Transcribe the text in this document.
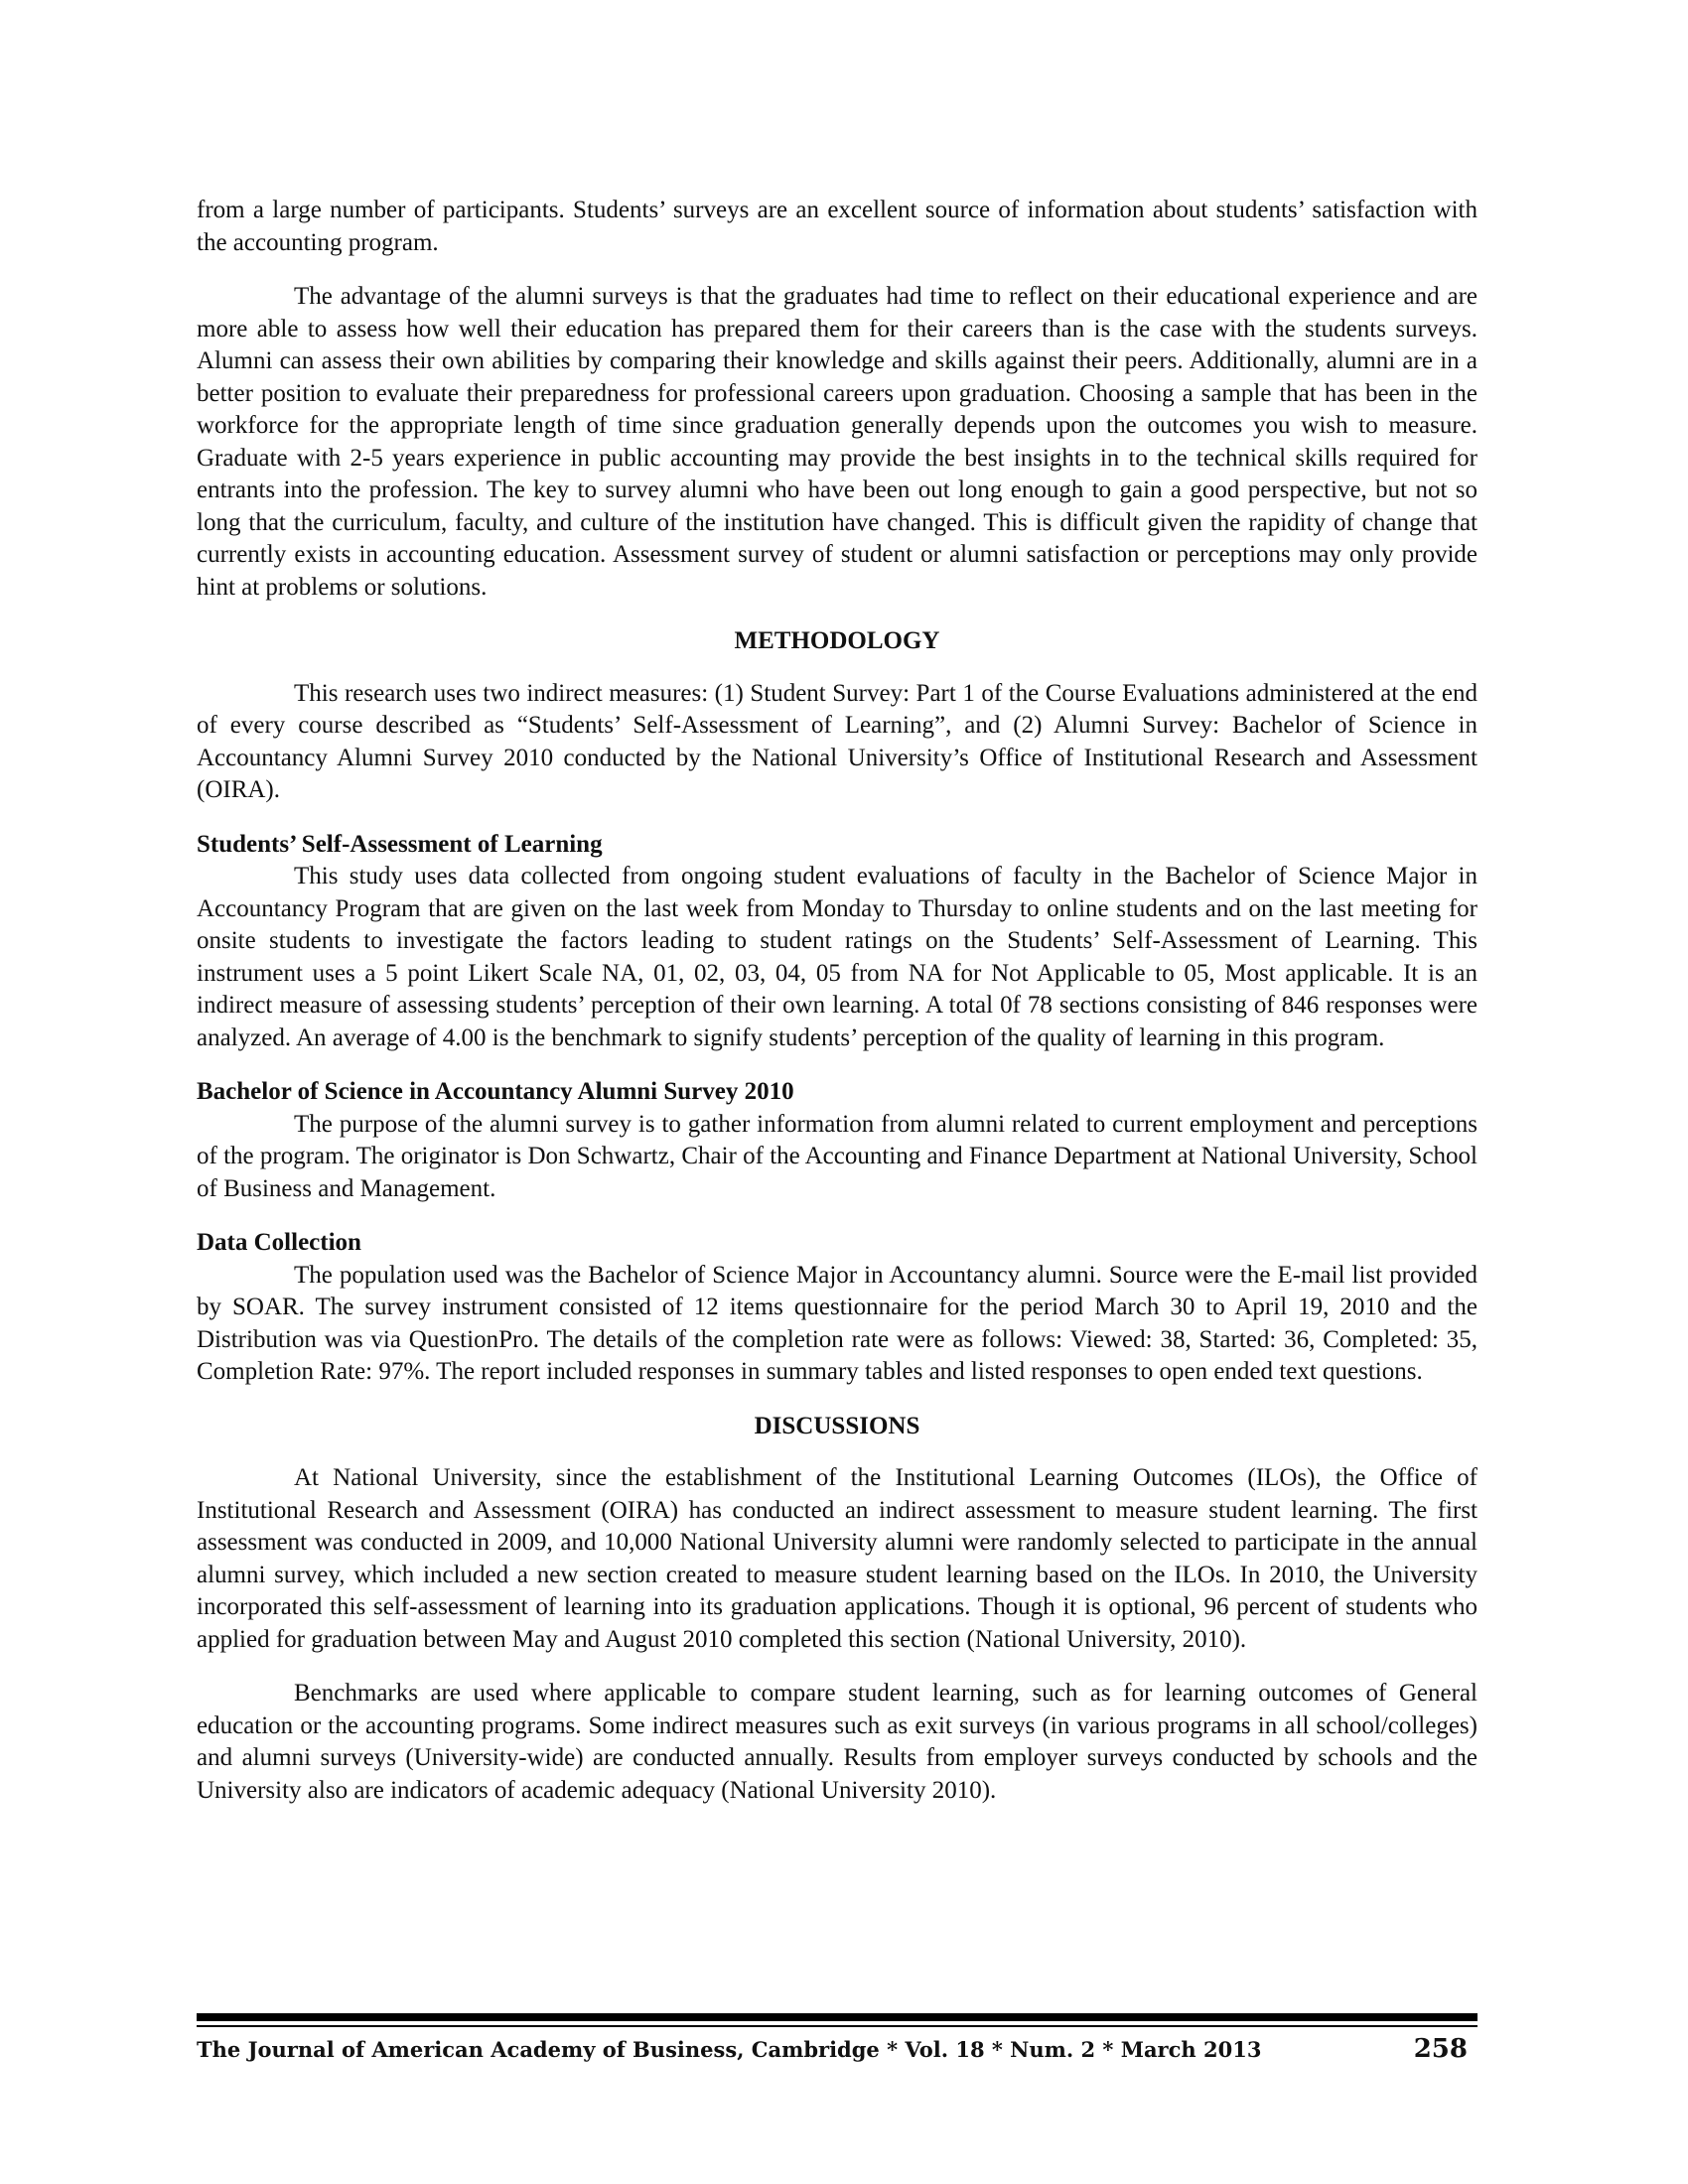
from a large number of participants. Students’ surveys are an excellent source of information about students’ satisfaction with the accounting program.

The advantage of the alumni surveys is that the graduates had time to reflect on their educational experience and are more able to assess how well their education has prepared them for their careers than is the case with the students surveys. Alumni can assess their own abilities by comparing their knowledge and skills against their peers. Additionally, alumni are in a better position to evaluate their preparedness for professional careers upon graduation. Choosing a sample that has been in the workforce for the appropriate length of time since graduation generally depends upon the outcomes you wish to measure. Graduate with 2-5 years experience in public accounting may provide the best insights in to the technical skills required for entrants into the profession. The key to survey alumni who have been out long enough to gain a good perspective, but not so long that the curriculum, faculty, and culture of the institution have changed. This is difficult given the rapidity of change that currently exists in accounting education. Assessment survey of student or alumni satisfaction or perceptions may only provide hint at problems or solutions.

METHODOLOGY

This research uses two indirect measures: (1) Student Survey: Part 1 of the Course Evaluations administered at the end of every course described as “Students’ Self-Assessment of Learning”, and (2) Alumni Survey: Bachelor of Science in Accountancy Alumni Survey 2010 conducted by the National University’s Office of Institutional Research and Assessment (OIRA).

Students’ Self-Assessment of Learning

This study uses data collected from ongoing student evaluations of faculty in the Bachelor of Science Major in Accountancy Program that are given on the last week from Monday to Thursday to online students and on the last meeting for onsite students to investigate the factors leading to student ratings on the Students’ Self-Assessment of Learning. This instrument uses a 5 point Likert Scale NA, 01, 02, 03, 04, 05 from NA for Not Applicable to 05, Most applicable. It is an indirect measure of assessing students’ perception of their own learning. A total 0f 78 sections consisting of 846 responses were analyzed. An average of 4.00 is the benchmark to signify students’ perception of the quality of learning in this program.

Bachelor of Science in Accountancy Alumni Survey 2010

The purpose of the alumni survey is to gather information from alumni related to current employment and perceptions of the program. The originator is Don Schwartz, Chair of the Accounting and Finance Department at National University, School of Business and Management.

Data Collection

The population used was the Bachelor of Science Major in Accountancy alumni. Source were the E-mail list provided by SOAR. The survey instrument consisted of 12 items questionnaire for the period March 30 to April 19, 2010 and the Distribution was via QuestionPro. The details of the completion rate were as follows: Viewed: 38, Started: 36, Completed: 35, Completion Rate: 97%. The report included responses in summary tables and listed responses to open ended text questions.

DISCUSSIONS

At National University, since the establishment of the Institutional Learning Outcomes (ILOs), the Office of Institutional Research and Assessment (OIRA) has conducted an indirect assessment to measure student learning. The first assessment was conducted in 2009, and 10,000 National University alumni were randomly selected to participate in the annual alumni survey, which included a new section created to measure student learning based on the ILOs. In 2010, the University incorporated this self-assessment of learning into its graduation applications. Though it is optional, 96 percent of students who applied for graduation between May and August 2010 completed this section (National University, 2010).

Benchmarks are used where applicable to compare student learning, such as for learning outcomes of General education or the accounting programs. Some indirect measures such as exit surveys (in various programs in all school/colleges) and alumni surveys (University-wide) are conducted annually. Results from employer surveys conducted by schools and the University also are indicators of academic adequacy (National University 2010).

The Journal of American Academy of Business, Cambridge * Vol. 18 * Num. 2 * March 2013	258
